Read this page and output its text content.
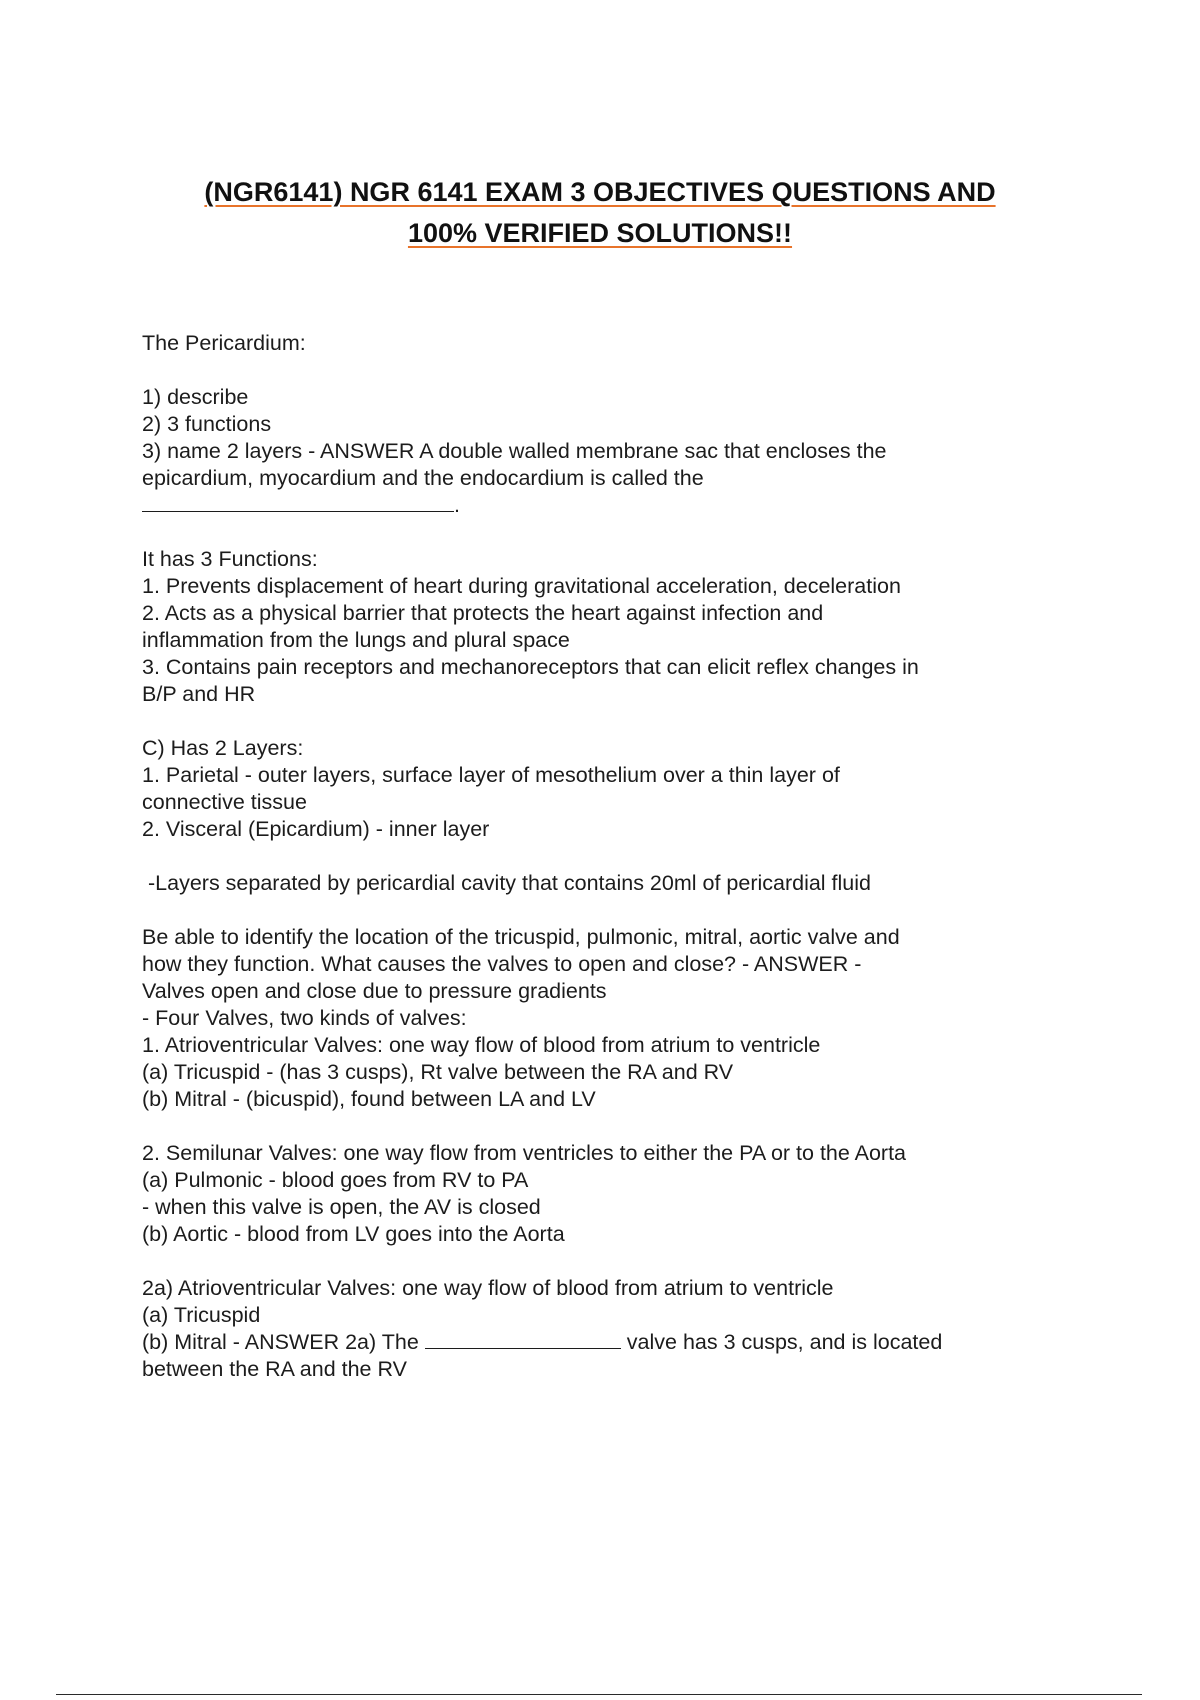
(NGR6141) NGR 6141 EXAM 3 OBJECTIVES QUESTIONS AND
100% VERIFIED SOLUTIONS!!
The Pericardium:
1) describe
2) 3 functions
3) name 2 layers - ANSWER A double walled membrane sac that encloses the
epicardium, myocardium and the endocardium is called the
.
It has 3 Functions:
1. Prevents displacement of heart during gravitational acceleration, deceleration
2. Acts as a physical barrier that protects the heart against infection and
inflammation from the lungs and plural space
3. Contains pain receptors and mechanoreceptors that can elicit reflex changes in
B/P and HR
C) Has 2 Layers:
1. Parietal - outer layers, surface layer of mesothelium over a thin layer of
connective tissue
2. Visceral (Epicardium) - inner layer
-Layers separated by pericardial cavity that contains 20ml of pericardial fluid
Be able to identify the location of the tricuspid, pulmonic, mitral, aortic valve and
how they function. What causes the valves to open and close? - ANSWER -
Valves open and close due to pressure gradients
- Four Valves, two kinds of valves:
1. Atrioventricular Valves: one way flow of blood from atrium to ventricle
(a) Tricuspid - (has 3 cusps), Rt valve between the RA and RV
(b) Mitral - (bicuspid), found between LA and LV
2. Semilunar Valves: one way flow from ventricles to either the PA or to the Aorta
(a) Pulmonic - blood goes from RV to PA
- when this valve is open, the AV is closed
(b) Aortic - blood from LV goes into the Aorta
2a) Atrioventricular Valves: one way flow of blood from atrium to ventricle
(a) Tricuspid
(b) Mitral - ANSWER 2a) The	valve has 3 cusps, and is located
between the RA and the RV
